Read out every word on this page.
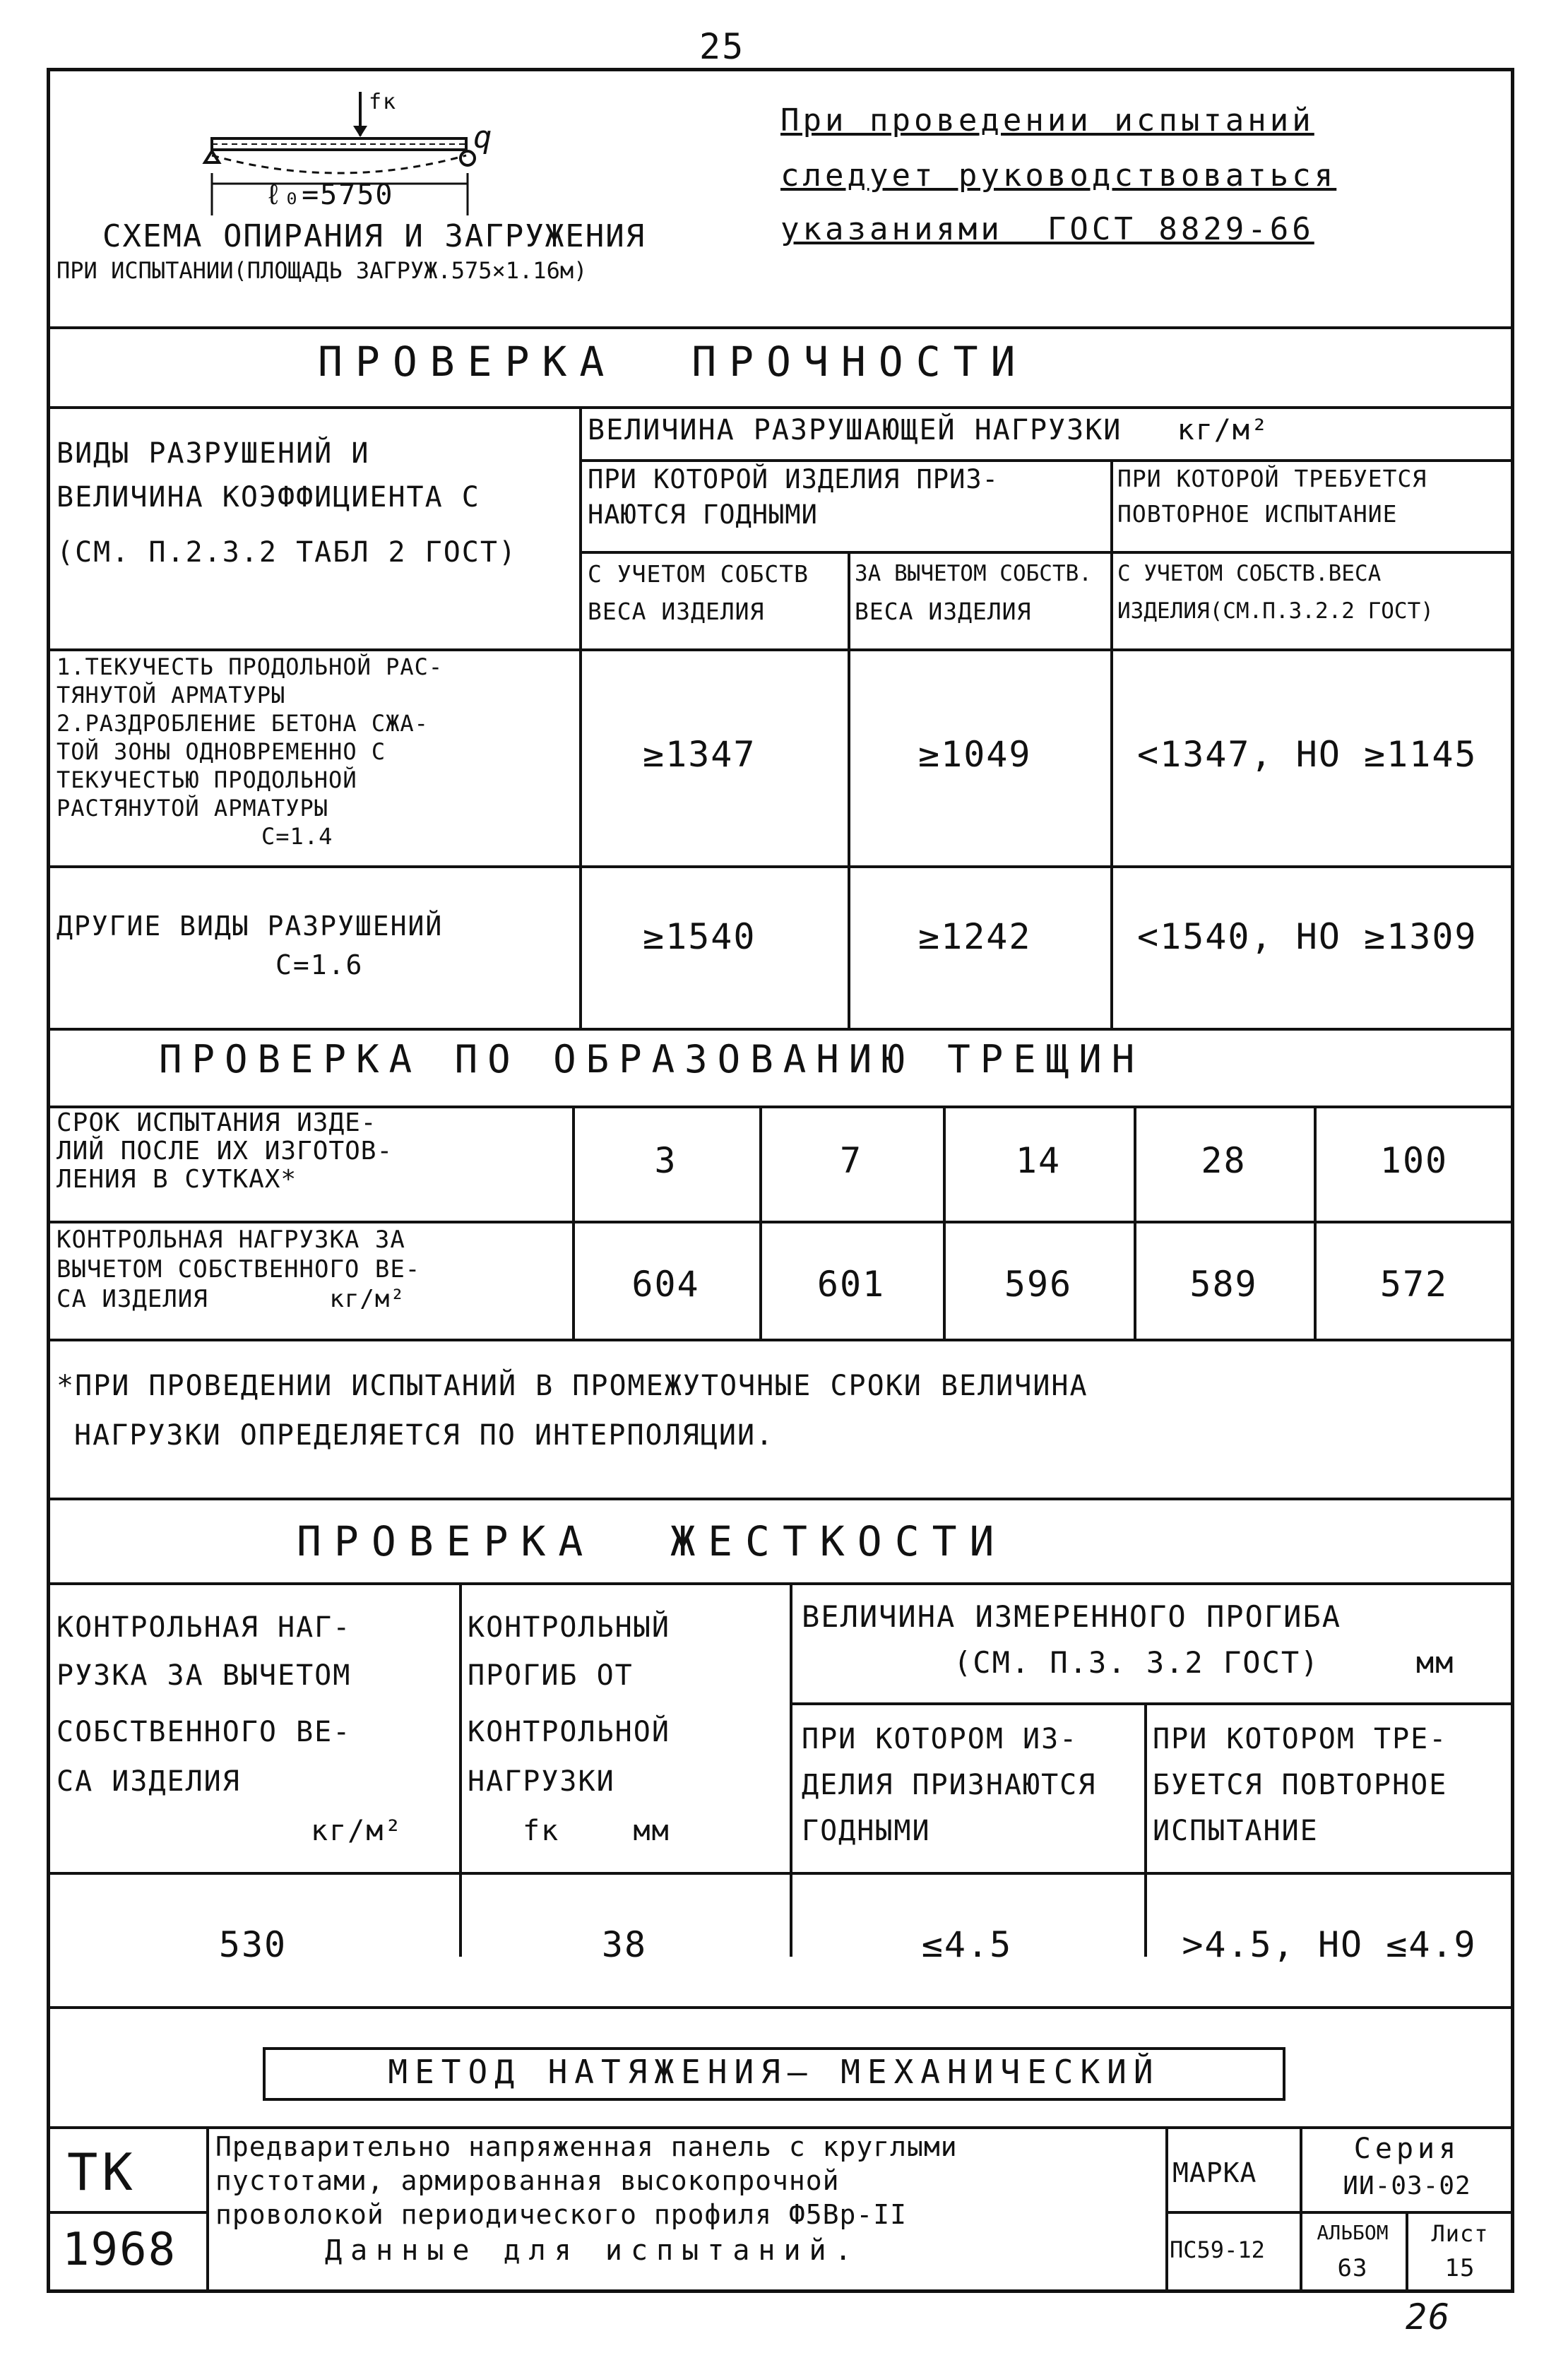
25
26
fк
q
ℓ₀=5750
СХЕМА ОПИРАНИЯ И ЗАГРУЖЕНИЯ
ПРИ ИСПЫТАНИИ(ПЛОЩАДЬ ЗАГРУЖ.575×1.16м)
При проведении испытаний
следует руководствоваться
указаниями  ГОСТ 8829-66
ПРОВЕРКА  ПРОЧНОСТИ
ВИДЫ РАЗРУШЕНИЙ И
ВЕЛИЧИНА КОЭФФИЦИЕНТА С
(СМ. П.2.3.2 ТАБЛ 2 ГОСТ)
ВЕЛИЧИНА РАЗРУШАЮЩЕЙ НАГРУЗКИ   кг/м²
ПРИ КОТОРОЙ ИЗДЕЛИЯ ПРИЗ-
НАЮТСЯ ГОДНЫМИ
ПРИ КОТОРОЙ ТРЕБУЕТСЯ
ПОВТОРНОЕ ИСПЫТАНИЕ
С УЧЕТОМ СОБСТВ
ВЕСА ИЗДЕЛИЯ
ЗА ВЫЧЕТОМ СОБСТВ.
ВЕСА ИЗДЕЛИЯ
С УЧЕТОМ СОБСТВ.ВЕСА
ИЗДЕЛИЯ(СМ.П.3.2.2 ГОСТ)
1.ТЕКУЧЕСТЬ ПРОДОЛЬНОЙ РАС-
ТЯНУТОЙ АРМАТУРЫ
2.РАЗДРОБЛЕНИЕ БЕТОНА СЖА-
ТОЙ ЗОНЫ ОДНОВРЕМЕННО С
ТЕКУЧЕСТЬЮ ПРОДОЛЬНОЙ
РАСТЯНУТОЙ АРМАТУРЫ
C=1.4
≥1347	≥1049	<1347, НО ≥1145
ДРУГИЕ ВИДЫ РАЗРУШЕНИЙ
C=1.6
≥1540	≥1242	<1540, НО ≥1309
ПРОВЕРКА ПО ОБРАЗОВАНИЮ ТРЕЩИН
СРОК ИСПЫТАНИЯ ИЗДЕ-
ЛИЙ ПОСЛЕ ИХ ИЗГОТОВ-
ЛЕНИЯ В СУТКАХ*	3	7	14	28	100
КОНТРОЛЬНАЯ НАГРУЗКА ЗА
ВЫЧЕТОМ СОБСТВЕННОГО ВЕ-
СА ИЗДЕЛИЯ        кг/м²	604	601	596	589	572
*ПРИ ПРОВЕДЕНИИ ИСПЫТАНИЙ В ПРОМЕЖУТОЧНЫЕ СРОКИ ВЕЛИЧИНА
НАГРУЗКИ ОПРЕДЕЛЯЕТСЯ ПО ИНТЕРПОЛЯЦИИ.
ПРОВЕРКА  ЖЕСТКОСТИ
КОНТРОЛЬНАЯ НАГ-
РУЗКА ЗА ВЫЧЕТОМ
СОБСТВЕННОГО ВЕ-
СА ИЗДЕЛИЯ
кг/м²
КОНТРОЛЬНЫЙ
ПРОГИБ ОТ
КОНТРОЛЬНОЙ
НАГРУЗКИ
fк    мм
ВЕЛИЧИНА ИЗМЕРЕННОГО ПРОГИБА
(СМ. П.3. 3.2 ГОСТ)     мм
ПРИ КОТОРОМ ИЗ-
ДЕЛИЯ ПРИЗНАЮТСЯ
ГОДНЫМИ
ПРИ КОТОРОМ ТРЕ-
БУЕТСЯ ПОВТОРНОЕ
ИСПЫТАНИЕ
530	38	≤4.5	>4.5, НО ≤4.9
МЕТОД НАТЯЖЕНИЯ– МЕХАНИЧЕСКИЙ
ТК
1968
Предварительно напряженная панель с круглыми
пустотами, армированная высокопрочной
проволокой периодического профиля Ф5Вр-II
Данные для испытаний.
МАРКА
ПС59-12
Серия
ИИ-03-02
АЛЬБОМ
63
Лист
15
